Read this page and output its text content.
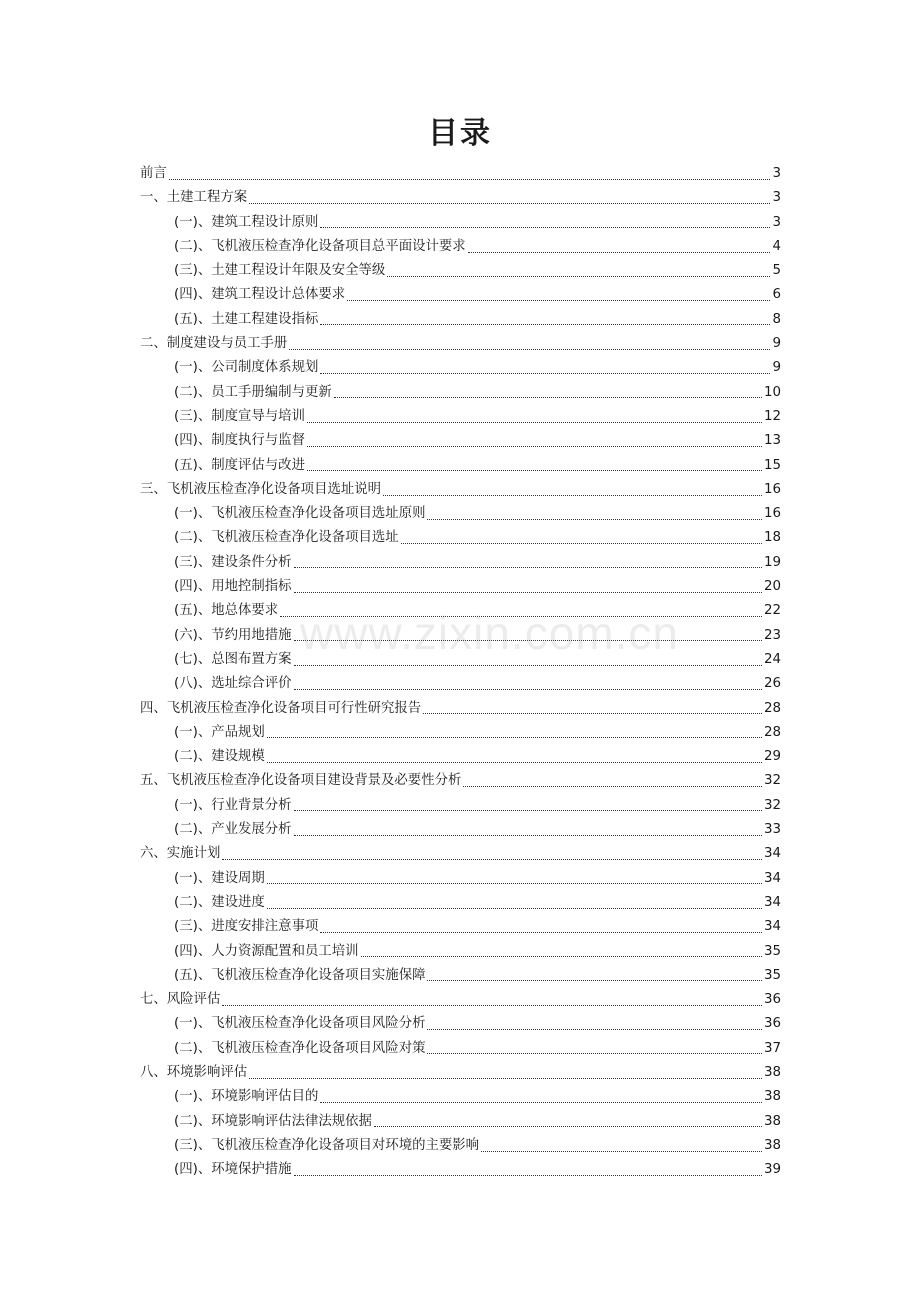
目录
前言	3
一、土建工程方案	3
(一)、建筑工程设计原则	3
(二)、飞机液压检查净化设备项目总平面设计要求	4
(三)、土建工程设计年限及安全等级	5
(四)、建筑工程设计总体要求	6
(五)、土建工程建设指标	8
二、制度建设与员工手册	9
(一)、公司制度体系规划	9
(二)、员工手册编制与更新	10
(三)、制度宣导与培训	12
(四)、制度执行与监督	13
(五)、制度评估与改进	15
三、飞机液压检查净化设备项目选址说明	16
(一)、飞机液压检查净化设备项目选址原则	16
(二)、飞机液压检查净化设备项目选址	18
(三)、建设条件分析	19
(四)、用地控制指标	20
(五)、地总体要求	22
(六)、节约用地措施	23
(七)、总图布置方案	24
(八)、选址综合评价	26
四、飞机液压检查净化设备项目可行性研究报告	28
(一)、产品规划	28
(二)、建设规模	29
五、飞机液压检查净化设备项目建设背景及必要性分析	32
(一)、行业背景分析	32
(二)、产业发展分析	33
六、实施计划	34
(一)、建设周期	34
(二)、建设进度	34
(三)、进度安排注意事项	34
(四)、人力资源配置和员工培训	35
(五)、飞机液压检查净化设备项目实施保障	35
七、风险评估	36
(一)、飞机液压检查净化设备项目风险分析	36
(二)、飞机液压检查净化设备项目风险对策	37
八、环境影响评估	38
(一)、环境影响评估目的	38
(二)、环境影响评估法律法规依据	38
(三)、飞机液压检查净化设备项目对环境的主要影响	38
(四)、环境保护措施	39
www.zixin.com.cn
